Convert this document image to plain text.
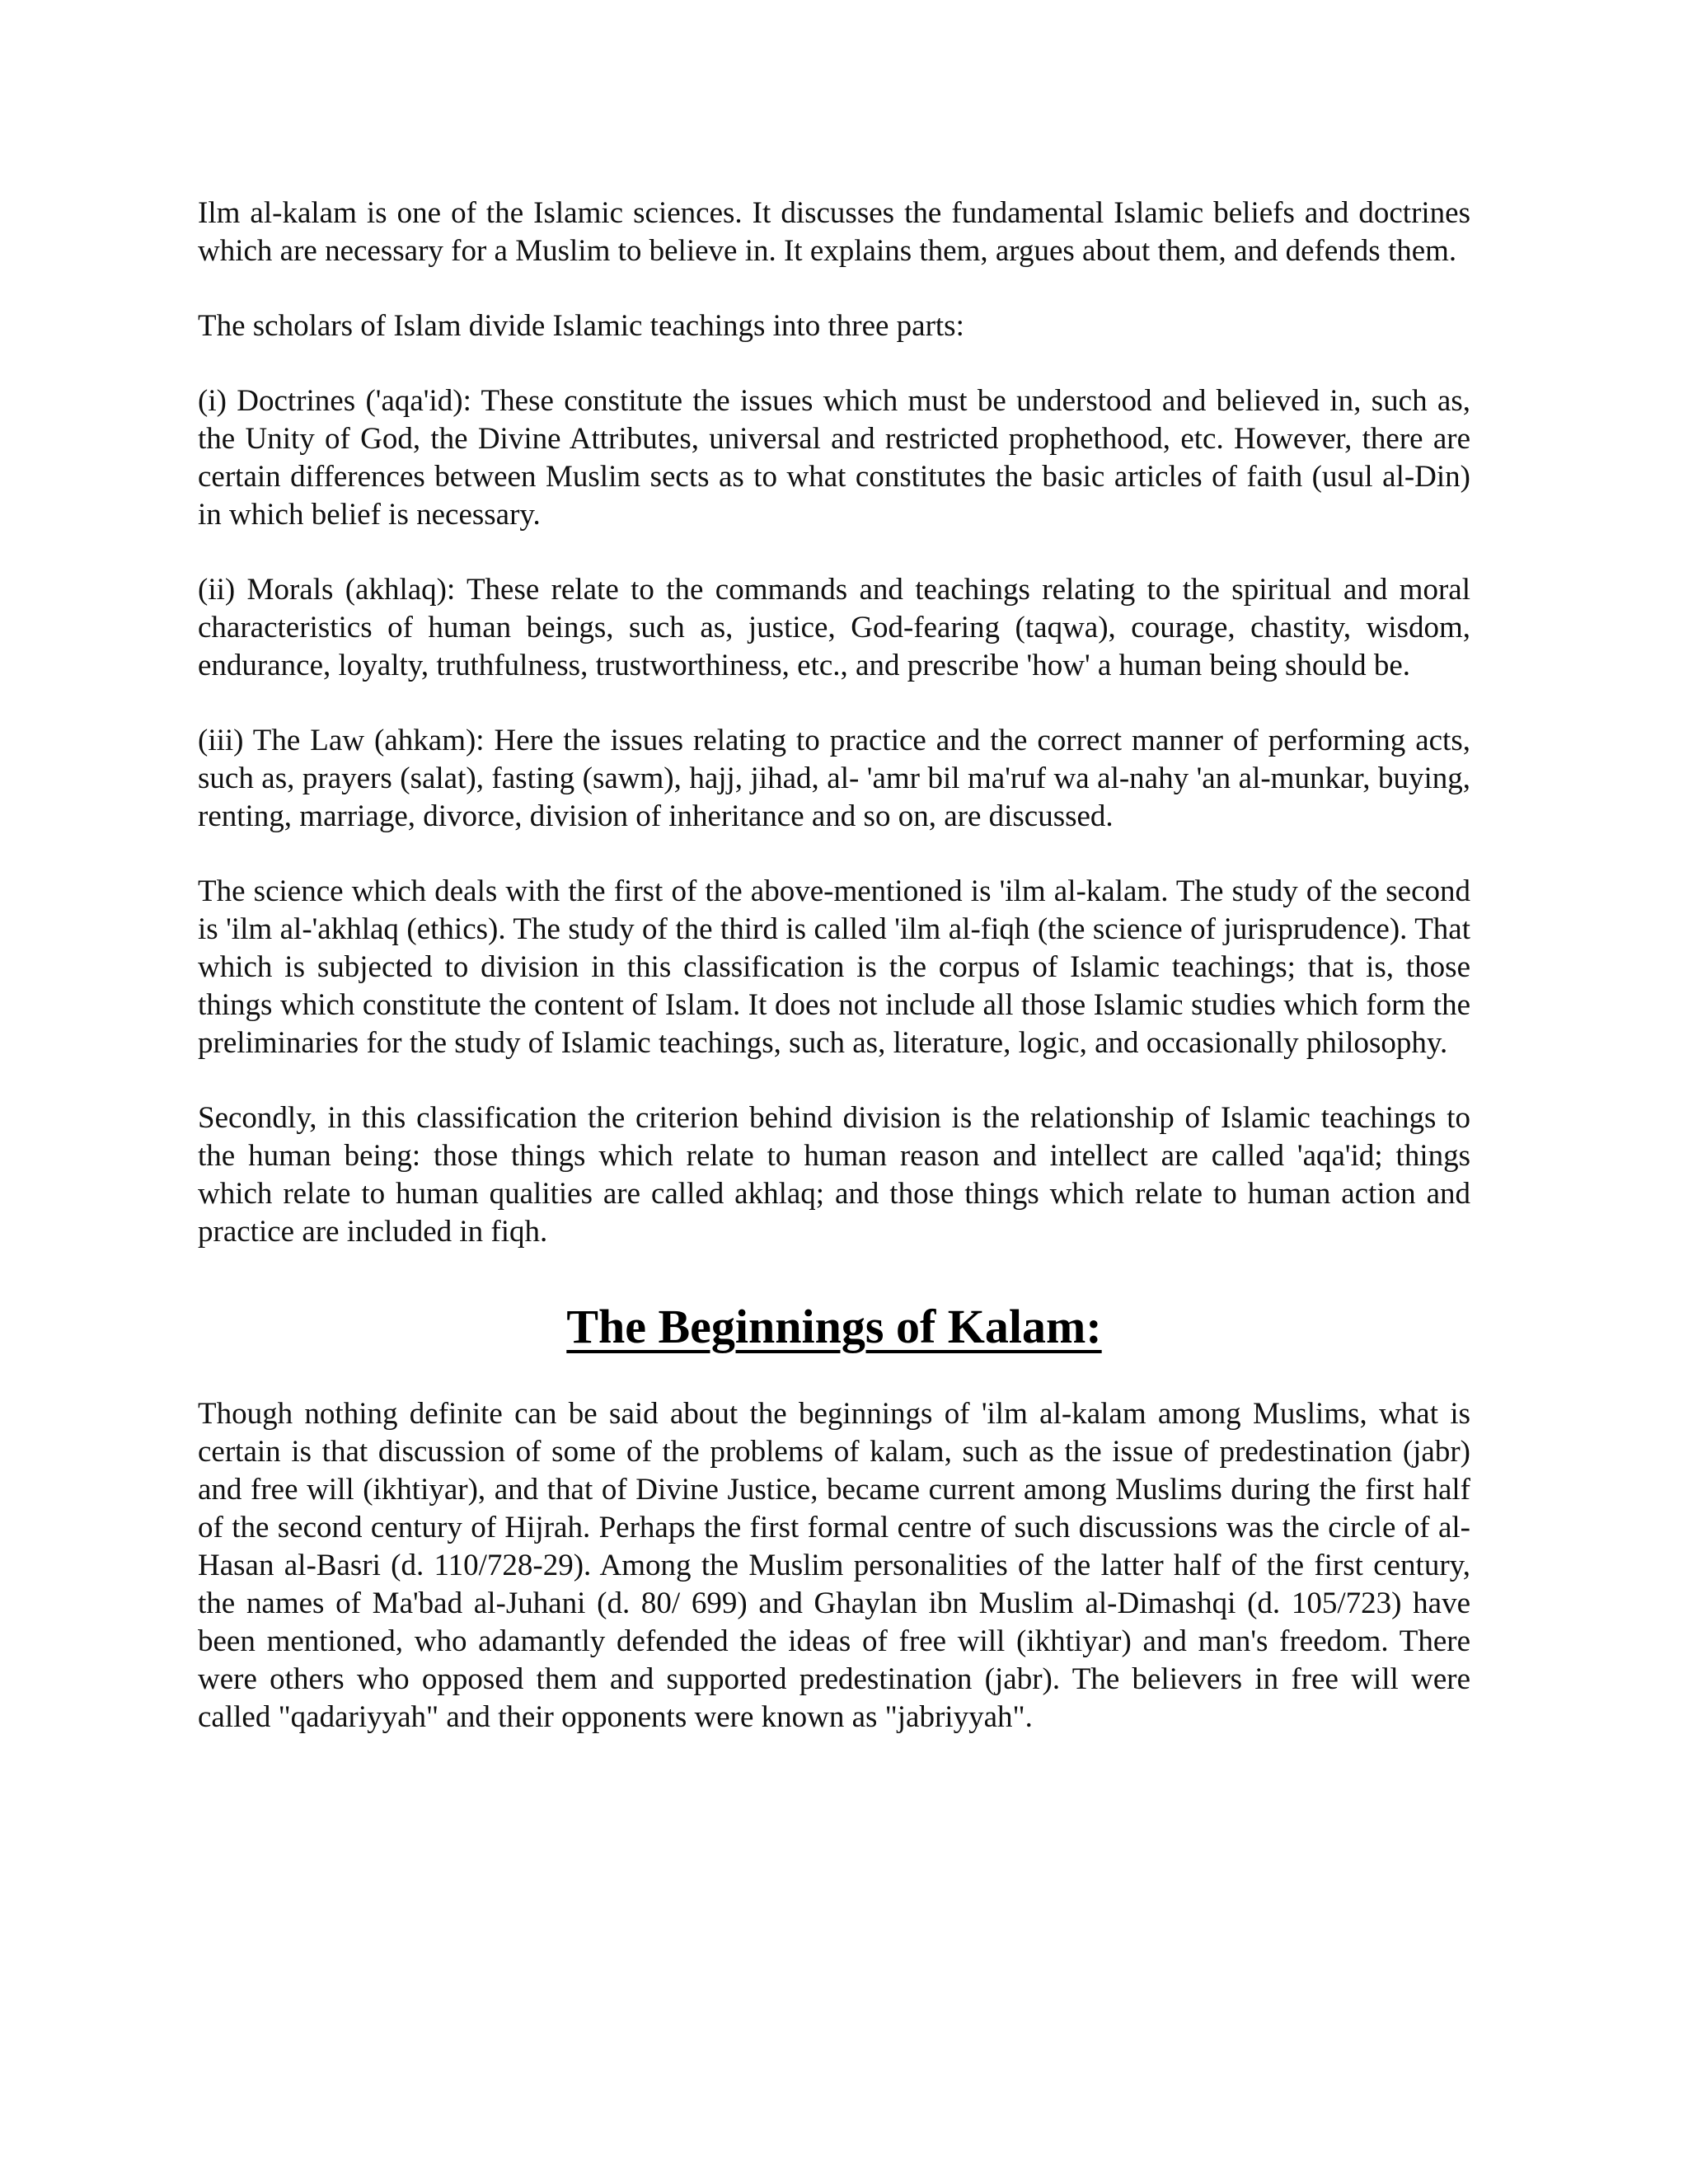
Ilm al-kalam is one of the Islamic sciences. It discusses the fundamental Islamic beliefs and doctrines which are necessary for a Muslim to believe in. It explains them, argues about them, and defends them.

The scholars of Islam divide Islamic teachings into three parts:

(i) Doctrines ('aqa'id): These constitute the issues which must be understood and believed in, such as, the Unity of God, the Divine Attributes, universal and restricted prophethood, etc. However, there are certain differences between Muslim sects as to what constitutes the basic articles of faith (usul al-Din) in which belief is necessary.

(ii) Morals (akhlaq): These relate to the commands and teachings relating to the spiritual and moral characteristics of human beings, such as, justice, God-fearing (taqwa), courage, chastity, wisdom, endurance, loyalty, truthfulness, trustworthiness, etc., and prescribe 'how' a human being should be.

(iii) The Law (ahkam): Here the issues relating to practice and the correct manner of performing acts, such as, prayers (salat), fasting (sawm), hajj, jihad, al- 'amr bil ma'ruf wa al-nahy 'an al-munkar, buying, renting, marriage, divorce, division of inheritance and so on, are discussed.

The science which deals with the first of the above-mentioned is 'ilm al-kalam. The study of the second is 'ilm al-'akhlaq (ethics). The study of the third is called 'ilm al-fiqh (the science of jurisprudence). That which is subjected to division in this classification is the corpus of Islamic teachings; that is, those things which constitute the content of Islam. It does not include all those Islamic studies which form the preliminaries for the study of Islamic teachings, such as, literature, logic, and occasionally philosophy.

Secondly, in this classification the criterion behind division is the relationship of Islamic teachings to the human being: those things which relate to human reason and intellect are called 'aqa'id; things which relate to human qualities are called akhlaq; and those things which relate to human action and practice are included in fiqh.

The Beginnings of Kalam:

Though nothing definite can be said about the beginnings of 'ilm al-kalam among Muslims, what is certain is that discussion of some of the problems of kalam, such as the issue of predestination (jabr) and free will (ikhtiyar), and that of Divine Justice, became current among Muslims during the first half of the second century of Hijrah. Perhaps the first formal centre of such discussions was the circle of al-Hasan al-Basri (d. 110/728-29). Among the Muslim personalities of the latter half of the first century, the names of Ma'bad al-Juhani (d. 80/ 699) and Ghaylan ibn Muslim al-Dimashqi (d. 105/723) have been mentioned, who adamantly defended the ideas of free will (ikhtiyar) and man's freedom. There were others who opposed them and supported predestination (jabr). The believers in free will were called "qadariyyah" and their opponents were known as "jabriyyah".
